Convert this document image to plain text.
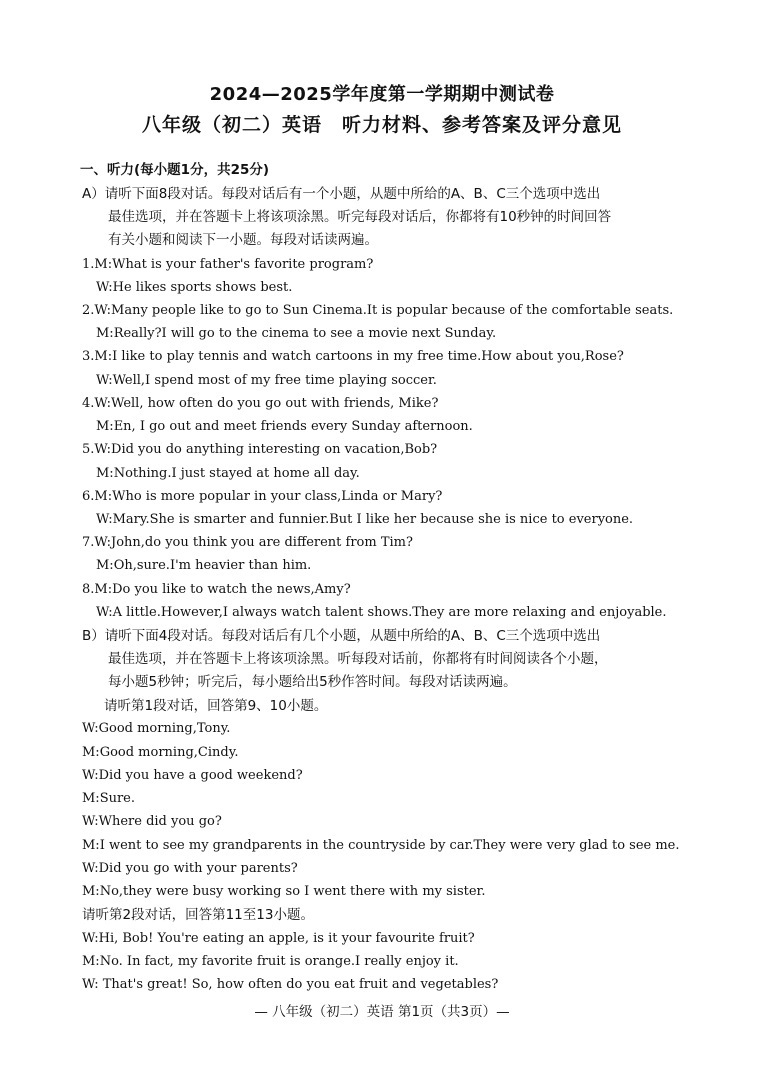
2024—2025学年度第一学期期中测试卷
八年级（初二）英语　听力材料、参考答案及评分意见
一、听力(每小题1分，共25分)
A）请听下面8段对话。每段对话后有一个小题，从题中所给的A、B、C三个选项中选出
最佳选项，并在答题卡上将该项涂黑。听完每段对话后，你都将有10秒钟的时间回答
有关小题和阅读下一小题。每段对话读两遍。
1.M:What is your father's favorite program?
W:He likes sports shows best.
2.W:Many people like to go to Sun Cinema.It is popular because of the comfortable seats.
M:Really?I will go to the cinema to see a movie next Sunday.
3.M:I like to play tennis and watch cartoons in my free time.How about you,Rose?
W:Well,I spend most of my free time playing soccer.
4.W:Well, how often do you go out with friends, Mike?
M:En, I go out and meet friends every Sunday afternoon.
5.W:Did you do anything interesting on vacation,Bob?
M:Nothing.I just stayed at home all day.
6.M:Who is more popular in your class,Linda or Mary?
W:Mary.She is smarter and funnier.But I like her because she is nice to everyone.
7.W:John,do you think you are different from Tim?
M:Oh,sure.I'm heavier than him.
8.M:Do you like to watch the news,Amy?
W:A little.However,I always watch talent shows.They are more relaxing and enjoyable.
B）请听下面4段对话。每段对话后有几个小题，从题中所给的A、B、C三个选项中选出
最佳选项，并在答题卡上将该项涂黑。听每段对话前，你都将有时间阅读各个小题，
每小题5秒钟；听完后，每小题给出5秒作答时间。每段对话读两遍。
请听第1段对话，回答第9、10小题。
W:Good morning,Tony.
M:Good morning,Cindy.
W:Did you have a good weekend?
M:Sure.
W:Where did you go?
M:I went to see my grandparents in the countryside by car.They were very glad to see me.
W:Did you go with your parents?
M:No,they were busy working so I went there with my sister.
请听第2段对话，回答第11至13小题。
W:Hi, Bob! You're eating an apple, is it your favourite fruit?
M:No. In fact, my favorite fruit is orange.I really enjoy it.
W: That's great! So, how often do you eat fruit and vegetables?
— 八年级（初二）英语 第1页（共3页）—
